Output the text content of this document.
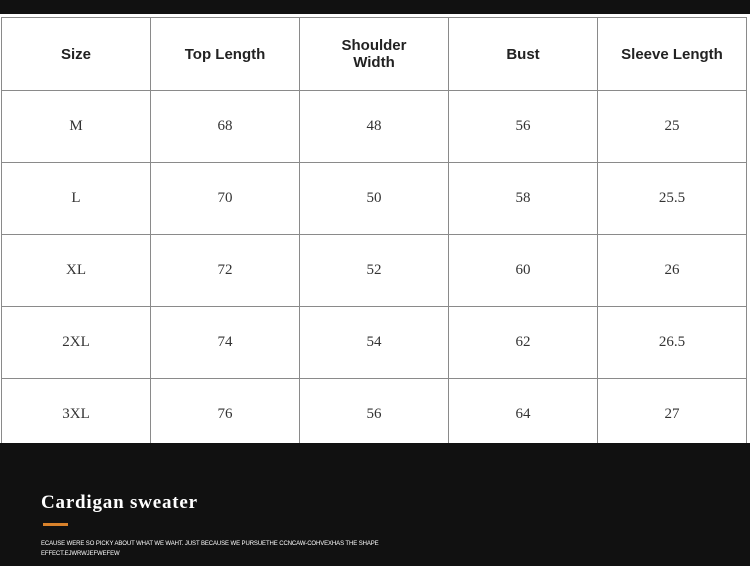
Size	Top Length	Shoulder Width	Bust	Sleeve Length
M	68	48	56	25
L	70	50	58	25.5
XL	72	52	60	26
2XL	74	54	62	26.5
3XL	76	56	64	27
Cardigan sweater
ECAUSE WERE SO PICKY ABOUT WHAT WE WAHT. JUST BECAUSE WE PURSUETHE CCNCAW-COHVEXHAS THE SHAPE EFFECT.EJWRWJEFWEFEW
